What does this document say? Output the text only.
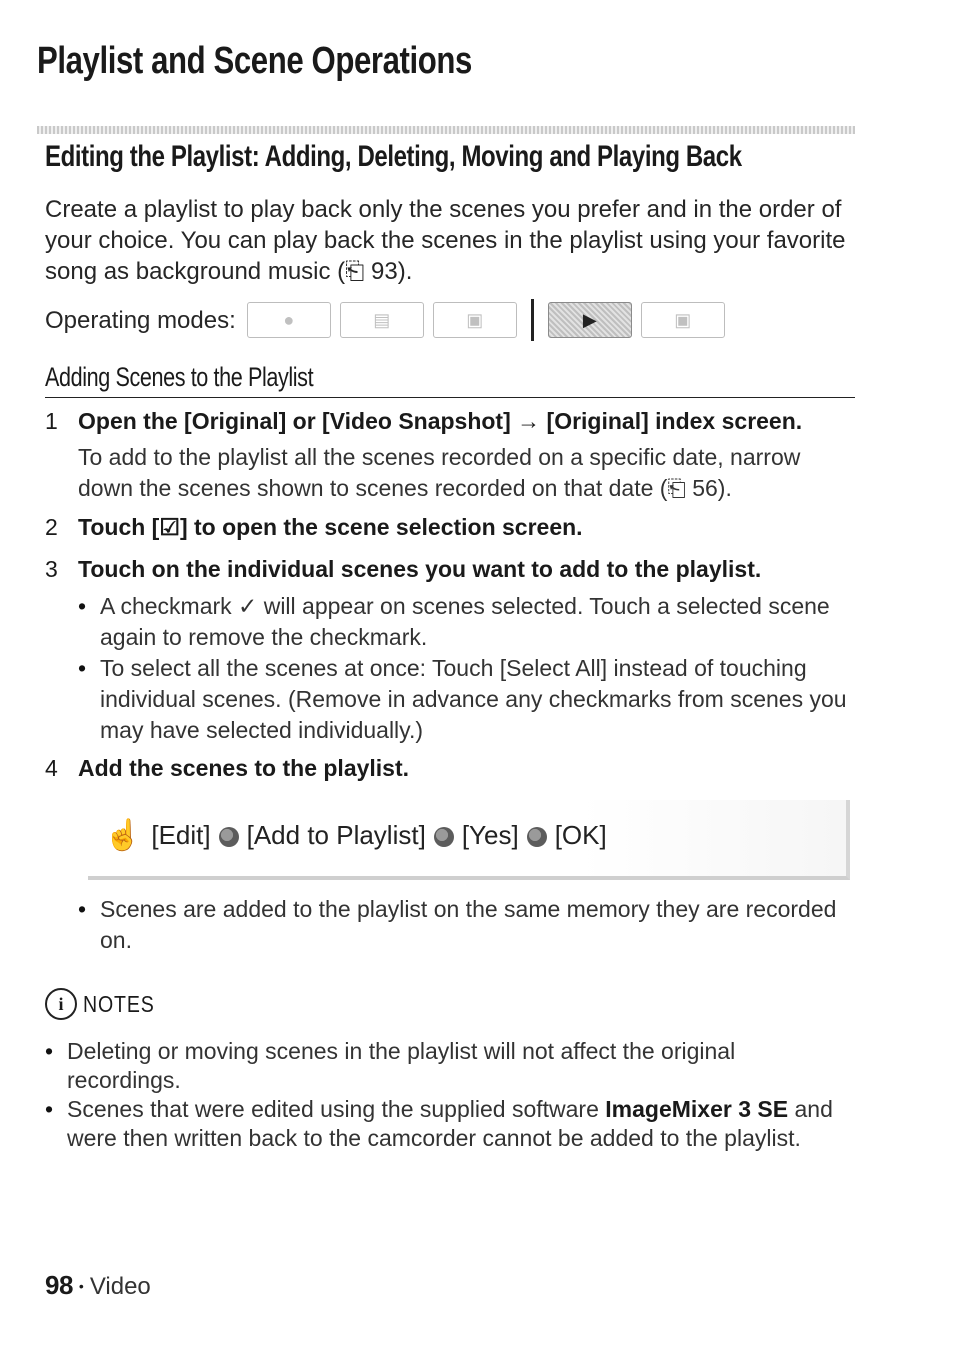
Playlist and Scene Operations
Editing the Playlist: Adding, Deleting, Moving and Playing Back
Create a playlist to play back only the scenes you prefer and in the order of your choice. You can play back the scenes in the playlist using your favorite song as background music (⎗ 93).
Operating modes:	●	▤	▣	▶	▣
Adding Scenes to the Playlist
1 Open the [Original] or [Video Snapshot] → [Original] index screen.
To add to the playlist all the scenes recorded on a specific date, narrow down the scenes shown to scenes recorded on that date (⎗ 56).
2 Touch [☑] to open the scene selection screen.
3 Touch on the individual scenes you want to add to the playlist.
• A checkmark ✓ will appear on scenes selected. Touch a selected scene again to remove the checkmark.
• To select all the scenes at once: Touch [Select All] instead of touching individual scenes. (Remove in advance any checkmarks from scenes you may have selected individually.)
4 Add the scenes to the playlist.
☝ [Edit] [Add to Playlist] [Yes] [OK]
• Scenes are added to the playlist on the same memory they are recorded on.
i NOTES
• Deleting or moving scenes in the playlist will not affect the original recordings.
• Scenes that were edited using the supplied software ImageMixer 3 SE and were then written back to the camcorder cannot be added to the playlist.
98 • Video
